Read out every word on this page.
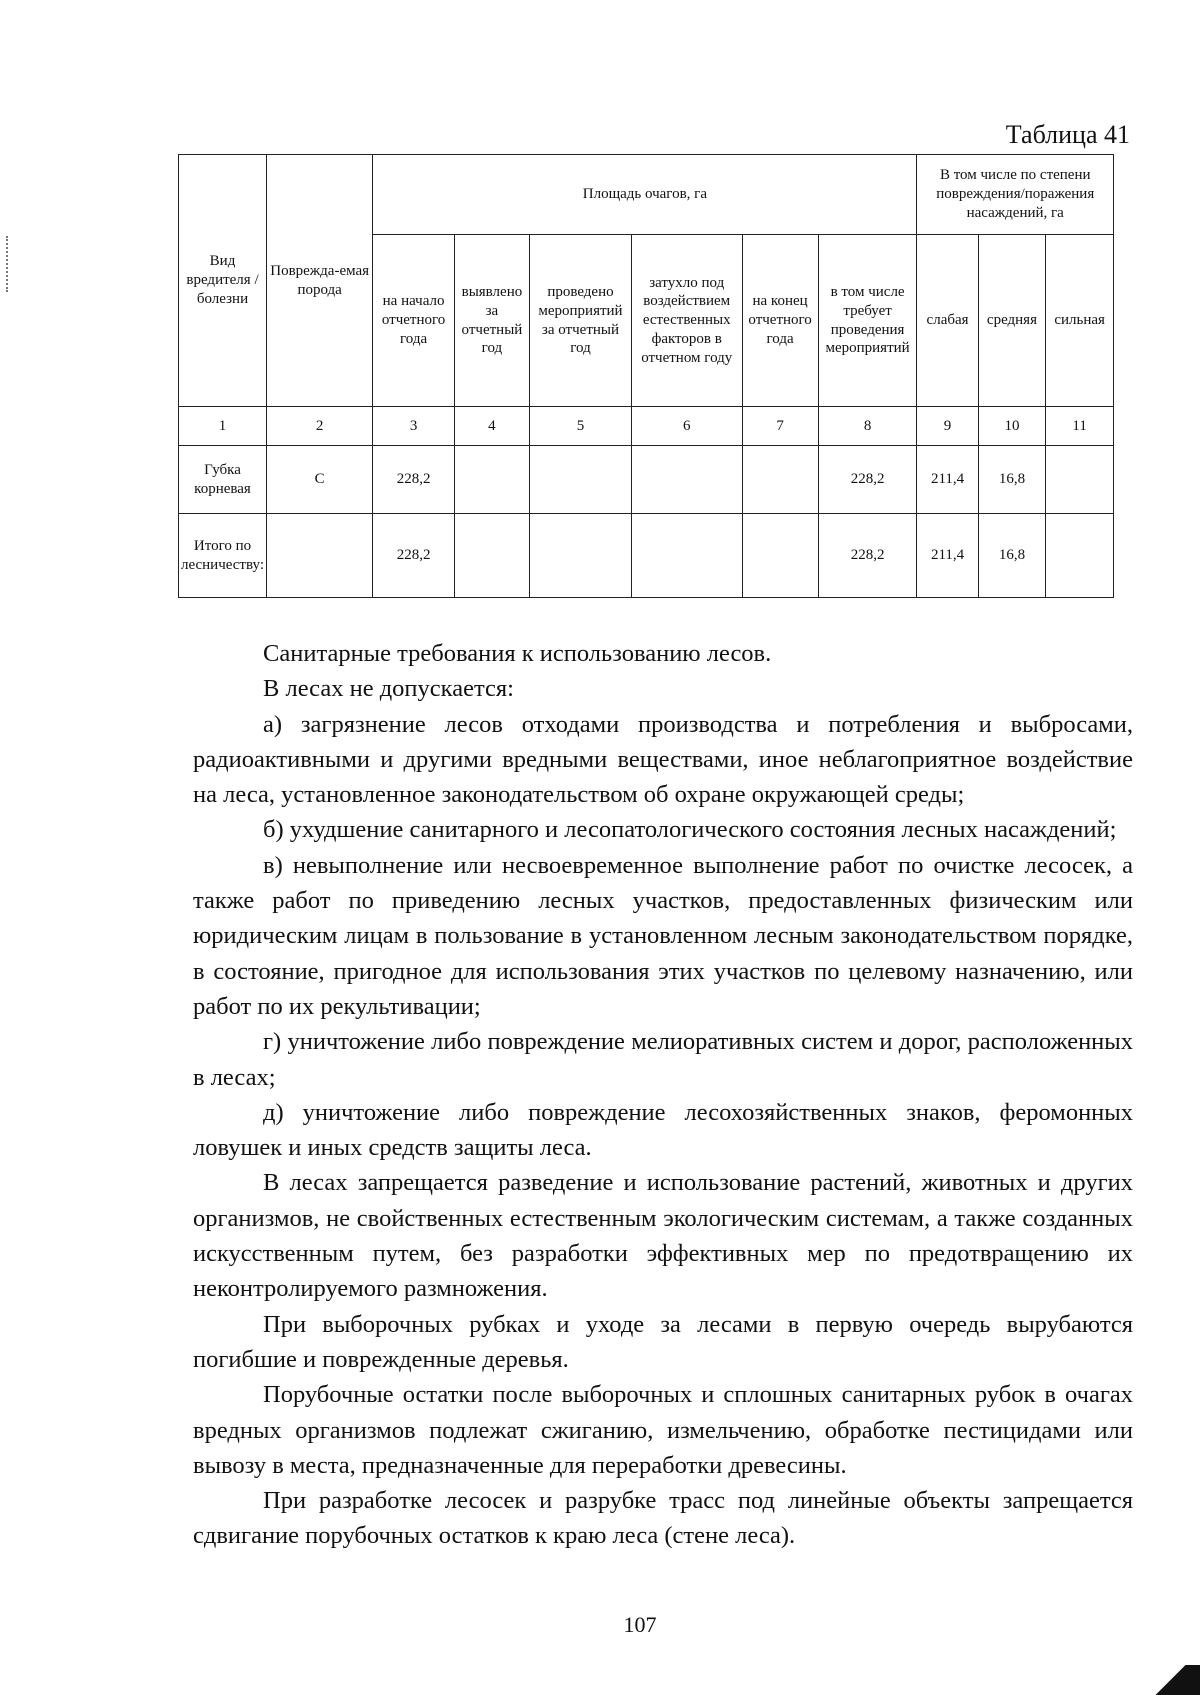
Таблица 41
Вид вредителя / болезни	Поврежда-емая порода	Площадь очагов, га						В том числе по степени повреждения/поражения насаждений, га		
		на начало отчетного года	выявлено за отчетный год	проведено мероприятий за отчетный год	затухло под воздействием естественных факторов в отчетном году	на конец отчетного года	в том числе требует проведения мероприятий	слабая	средняя	сильная
1	2	3	4	5	6	7	8	9	10	11
Губка корневая	С	228,2					228,2	211,4	16,8	
Итого по лесничеству:		228,2					228,2	211,4	16,8	

Санитарные требования к использованию лесов.

В лесах не допускается:

а) загрязнение лесов отходами производства и потребления и выбросами, радиоактивными и другими вредными веществами, иное неблагоприятное воздействие на леса, установленное законодательством об охране окружающей среды;

б) ухудшение санитарного и лесопатологического состояния лесных насаждений;

в) невыполнение или несвоевременное выполнение работ по очистке лесосек, а также работ по приведению лесных участков, предоставленных физическим или юридическим лицам в пользование в установленном лесным законодательством порядке, в состояние, пригодное для использования этих участков по целевому назначению, или работ по их рекультивации;

г) уничтожение либо повреждение мелиоративных систем и дорог, расположенных в лесах;

д) уничтожение либо повреждение лесохозяйственных знаков, феромонных ловушек и иных средств защиты леса.

В лесах запрещается разведение и использование растений, животных и других организмов, не свойственных естественным экологическим системам, а также созданных искусственным путем, без разработки эффективных мер по предотвращению их неконтролируемого размножения.

При выборочных рубках и уходе за лесами в первую очередь вырубаются погибшие и поврежденные деревья.

Порубочные остатки после выборочных и сплошных санитарных рубок в очагах вредных организмов подлежат сжиганию, измельчению, обработке пестицидами или вывозу в места, предназначенные для переработки древесины.

При разработке лесосек и разрубке трасс под линейные объекты запрещается сдвигание порубочных остатков к краю леса (стене леса).

107
